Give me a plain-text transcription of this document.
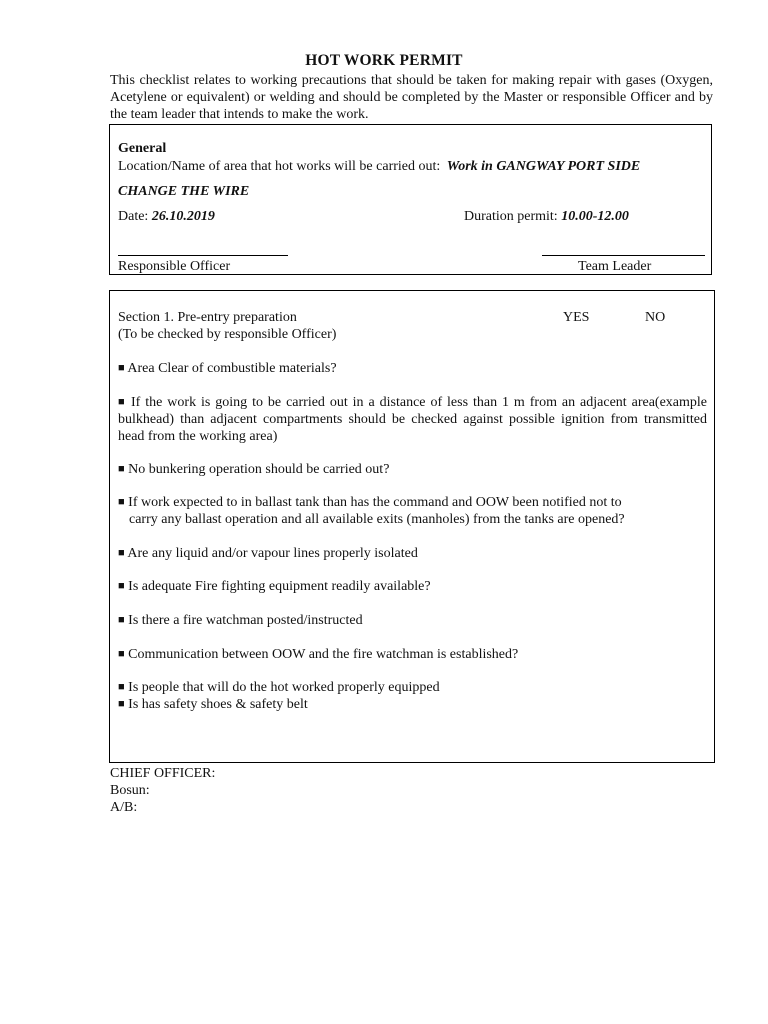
HOT WORK PERMIT

This checklist relates to working precautions that should be taken for making repair with gases (Oxygen, Acetylene or equivalent) or welding and should be completed by the Master or responsible Officer and by the team leader that intends to make the work.

General
Location/Name of area that hot works will be carried out: Work in GANGWAY PORT SIDE
CHANGE THE WIRE
Date: 26.10.2019	Duration permit: 10.00-12.00
Responsible Officer	Team Leader
Section 1. Pre-entry preparation	YES	NO
(To be checked by responsible Officer)
■ Area Clear of combustible materials?

■ If the work is going to be carried out in a distance of less than 1 m from an adjacent area(example bulkhead) than adjacent compartments should be checked against possible ignition from transmitted head from the working area)

■ No bunkering operation should be carried out?
■ If work expected to in ballast tank than has the command and OOW been notified not to
carry any ballast operation and all available exits (manholes) from the tanks are opened?
■ Are any liquid and/or vapour lines properly isolated
■ Is adequate Fire fighting equipment readily available?
■ Is there a fire watchman posted/instructed
■ Communication between OOW and the fire watchman is established?
■ Is people that will do the hot worked properly equipped
■ Is has safety shoes & safety belt
CHIEF OFFICER:
Bosun:
A/B:
